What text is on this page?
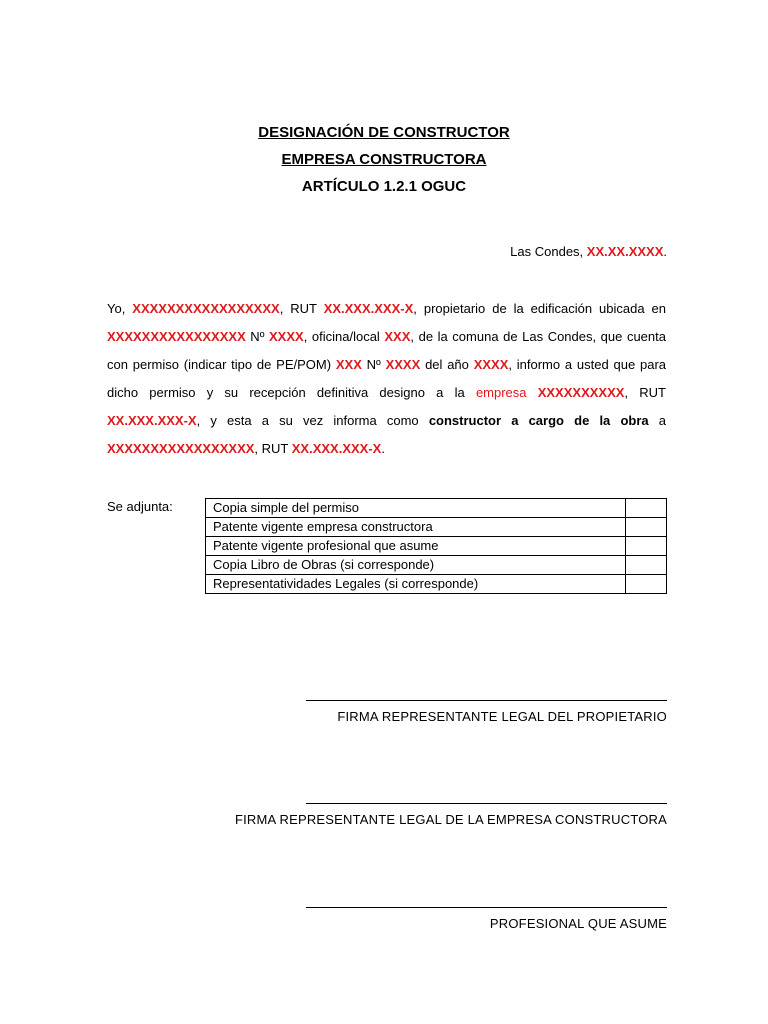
DESIGNACIÓN DE CONSTRUCTOR
EMPRESA CONSTRUCTORA
ARTÍCULO 1.2.1 OGUC
Las Condes, XX.XX.XXXX.
Yo, XXXXXXXXXXXXXXXXX, RUT XX.XXX.XXX-X, propietario de la edificación ubicada en XXXXXXXXXXXXXXXX Nº XXXX, oficina/local XXX, de la comuna de Las Condes, que cuenta con permiso (indicar tipo de PE/POM) XXX Nº XXXX del año XXXX, informo a usted que para dicho permiso y su recepción definitiva designo a la empresa XXXXXXXXXX, RUT XX.XXX.XXX-X, y esta a su vez informa como constructor a cargo de la obra a XXXXXXXXXXXXXXXXX, RUT XX.XXX.XXX-X.
Se adjunta:	Copia simple del permiso	
Patente vigente empresa constructora	
Patente vigente profesional que asume	
Copia Libro de Obras (si corresponde)	
Representatividades Legales (si corresponde)	
FIRMA REPRESENTANTE LEGAL DEL PROPIETARIO
FIRMA REPRESENTANTE LEGAL DE LA EMPRESA CONSTRUCTORA
PROFESIONAL QUE ASUME
